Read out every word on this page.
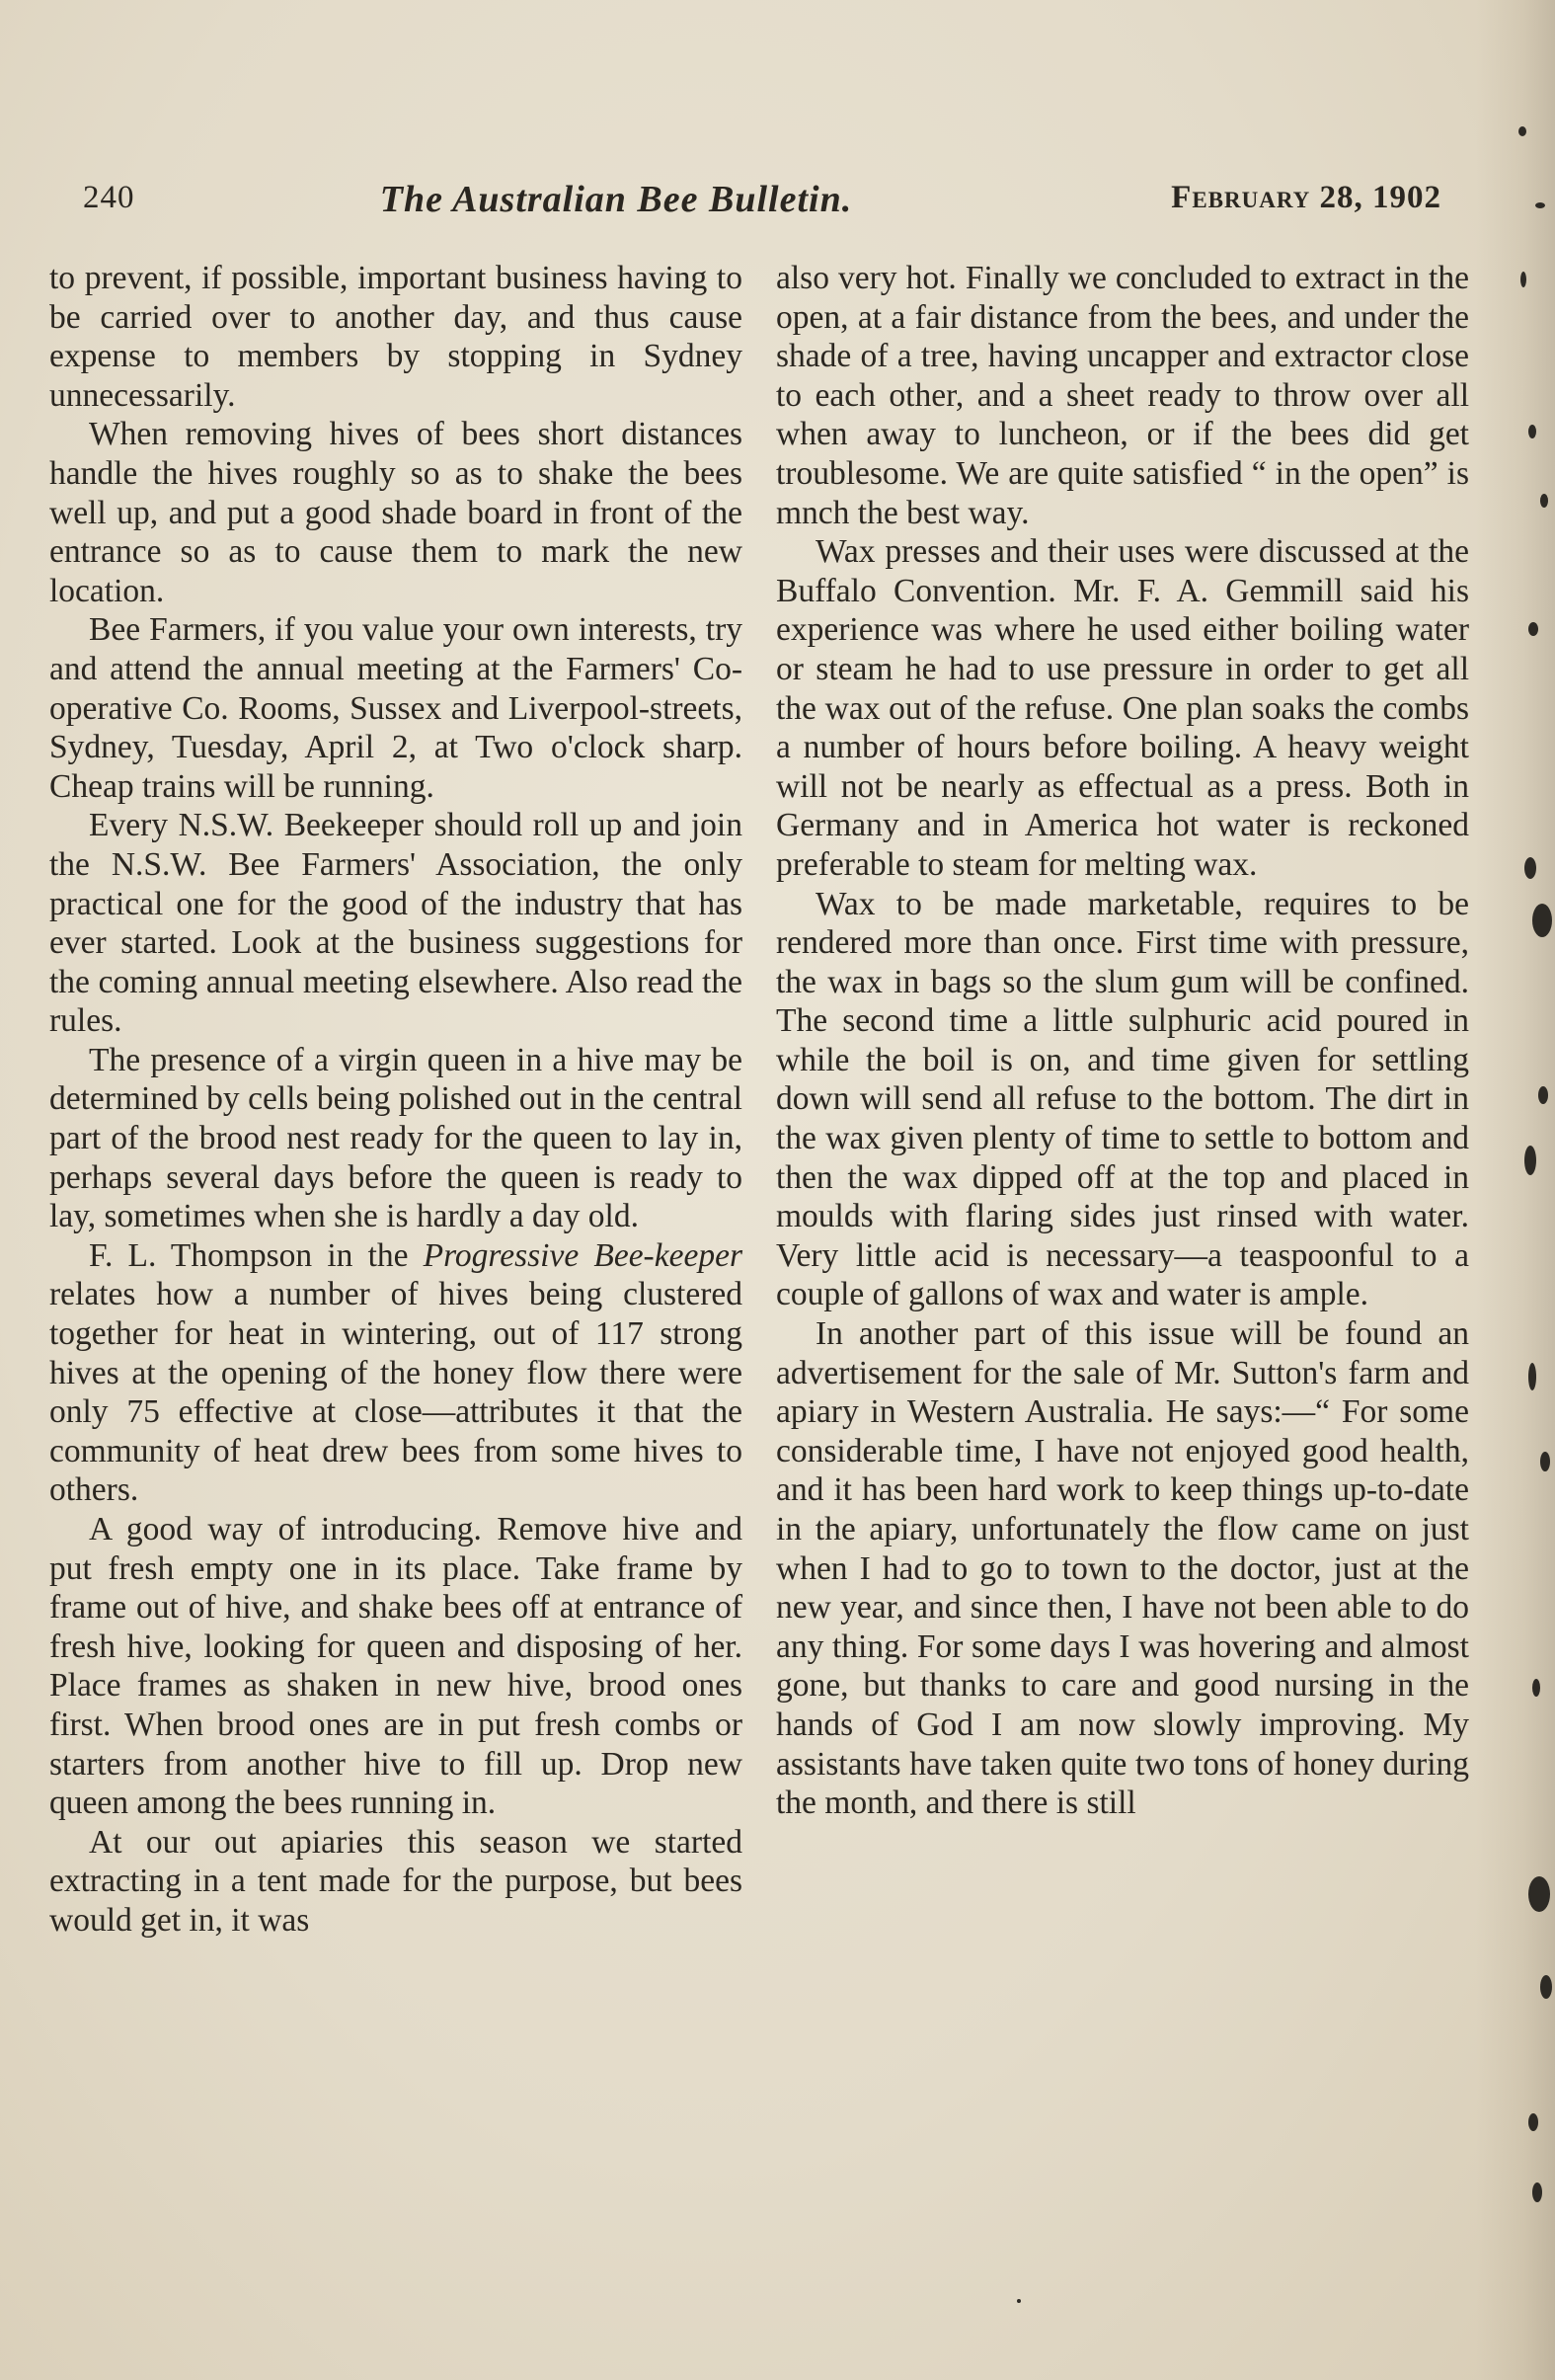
240	The Australian Bee Bulletin.	February 28, 1902

to prevent, if possible, important business having to be carried over to another day, and thus cause expense to members by stopping in Sydney unnecessarily.

When removing hives of bees short distances handle the hives roughly so as to shake the bees well up, and put a good shade board in front of the entrance so as to cause them to mark the new location.

Bee Farmers, if you value your own interests, try and attend the annual meeting at the Farmers' Co-operative Co. Rooms, Sussex and Liverpool-streets, Sydney, Tuesday, April 2, at Two o'clock sharp. Cheap trains will be running.

Every N.S.W. Beekeeper should roll up and join the N.S.W. Bee Farmers' Association, the only practical one for the good of the industry that has ever started. Look at the business suggestions for the coming annual meeting elsewhere. Also read the rules.

The presence of a virgin queen in a hive may be determined by cells being polished out in the central part of the brood nest ready for the queen to lay in, perhaps several days before the queen is ready to lay, sometimes when she is hardly a day old.

F. L. Thompson in the Progressive Bee-keeper relates how a number of hives being clustered together for heat in wintering, out of 117 strong hives at the opening of the honey flow there were only 75 effective at close—attributes it that the community of heat drew bees from some hives to others.

A good way of introducing. Remove hive and put fresh empty one in its place. Take frame by frame out of hive, and shake bees off at entrance of fresh hive, looking for queen and disposing of her. Place frames as shaken in new hive, brood ones first. When brood ones are in put fresh combs or starters from another hive to fill up. Drop new queen among the bees running in.

At our out apiaries this season we started extracting in a tent made for the purpose, but bees would get in, it was

also very hot. Finally we concluded to extract in the open, at a fair distance from the bees, and under the shade of a tree, having uncapper and extractor close to each other, and a sheet ready to throw over all when away to luncheon, or if the bees did get troublesome. We are quite satisfied “ in the open” is mnch the best way.

Wax presses and their uses were discussed at the Buffalo Convention. Mr. F. A. Gemmill said his experience was where he used either boiling water or steam he had to use pressure in order to get all the wax out of the refuse. One plan soaks the combs a number of hours before boiling. A heavy weight will not be nearly as effectual as a press. Both in Germany and in America hot water is reckoned preferable to steam for melting wax.

Wax to be made marketable, requires to be rendered more than once. First time with pressure, the wax in bags so the slum gum will be confined. The second time a little sulphuric acid poured in while the boil is on, and time given for settling down will send all refuse to the bottom. The dirt in the wax given plenty of time to settle to bottom and then the wax dipped off at the top and placed in moulds with flaring sides just rinsed with water. Very little acid is necessary—a teaspoonful to a couple of gallons of wax and water is ample.

In another part of this issue will be found an advertisement for the sale of Mr. Sutton's farm and apiary in Western Australia. He says:—“ For some considerable time, I have not enjoyed good health, and it has been hard work to keep things up-to-date in the apiary, unfortunately the flow came on just when I had to go to town to the doctor, just at the new year, and since then, I have not been able to do any thing. For some days I was hovering and almost gone, but thanks to care and good nursing in the hands of God I am now slowly improving. My assistants have taken quite two tons of honey during the month, and there is still
